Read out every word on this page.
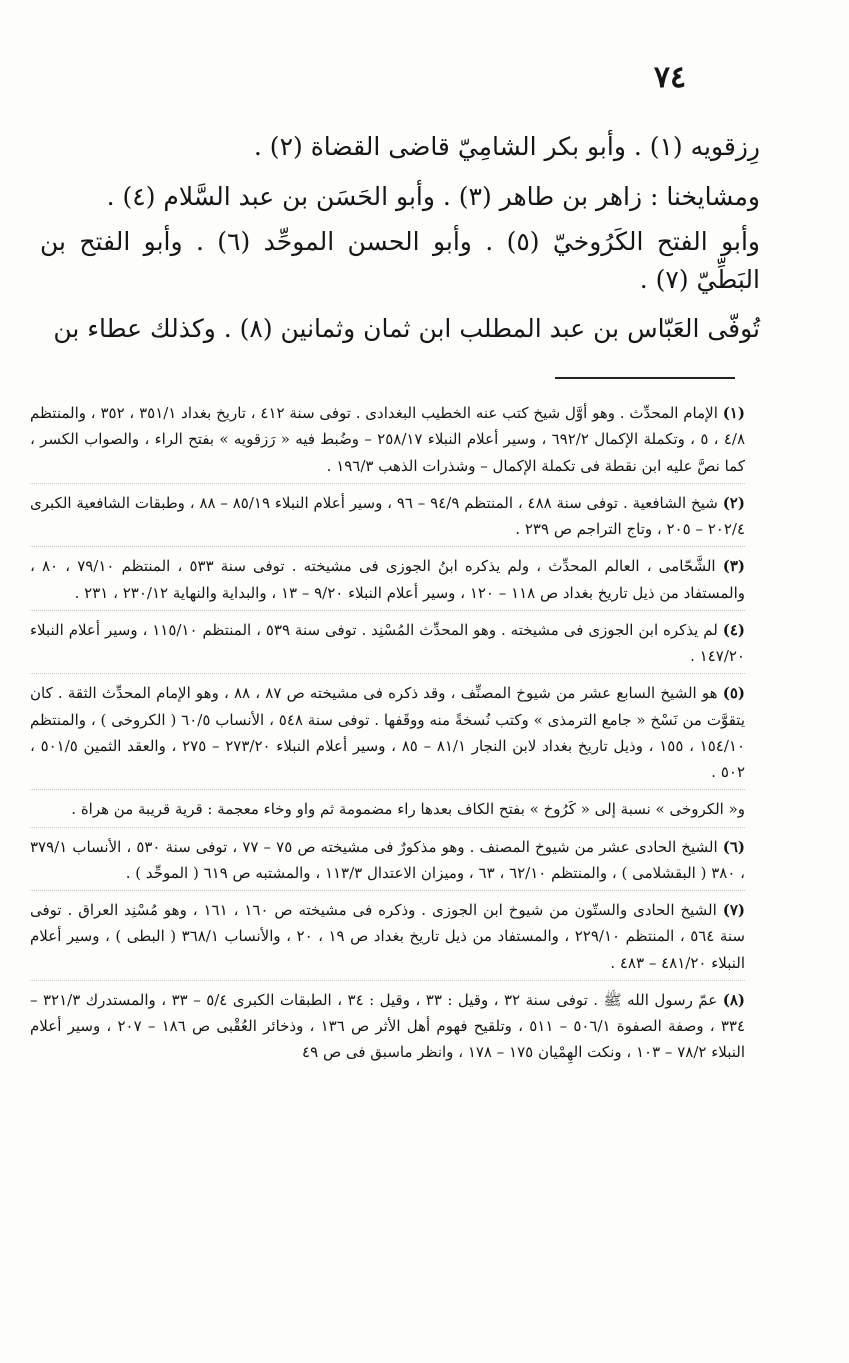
٧٤

رِزقويه (١) . وأبو بكر الشامِيّ قاضى القضاة (٢) .

ومشايخنا : زاهر بن طاهر (٣) . وأبو الحَسَن بن عبد السَّلام (٤) .

وأبو الفتح الكَرُوخيّ (٥) . وأبو الحسن الموحِّد (٦) . وأبو الفتح بن البَطِّيّ (٧) .

تُوفّى العَبّاس بن عبد المطلب ابن ثمان وثمانين (٨) . وكذلك عطاء بن

(١) الإمام المحدِّث . وهو أوَّل شيخ كتب عنه الخطيب البغدادى . توفى سنة ٤١٢ ، تاريخ بغداد ٣٥١/١ ، ٣٥٢ ، والمنتظم ٤/٨ ، ٥ ، وتكملة الإكمال ٦٩٢/٢ ، وسير أعلام النبلاء ٢٥٨/١٧ – وضُبط فيه « رَزقويه » بفتح الراء ، والصواب الكسر ، كما نصَّ عليه ابن نقطة فى تكملة الإكمال – وشذرات الذهب ١٩٦/٣ .

(٢) شيخ الشافعية . توفى سنة ٤٨٨ ، المنتظم ٩٤/٩ – ٩٦ ، وسير أعلام النبلاء ٨٥/١٩ – ٨٨ ، وطبقات الشافعية الكبرى ٢٠٢/٤ – ٢٠٥ ، وتاج التراجم ص ٢٣٩ .

(٣) الشَّحّامى ، العالم المحدِّث ، ولم يذكره ابنُ الجوزى فى مشيخته . توفى سنة ٥٣٣ ، المنتظم ٧٩/١٠ ، ٨٠ ، والمستفاد من ذيل تاريخ بغداد ص ١١٨ – ١٢٠ ، وسير أعلام النبلاء ٩/٢٠ – ١٣ ، والبداية والنهاية ٢٣٠/١٢ ، ٢٣١ .

(٤) لم يذكره ابن الجوزى فى مشيخته . وهو المحدِّث المُسْنِد . توفى سنة ٥٣٩ ، المنتظم ١١٥/١٠ ، وسير أعلام النبلاء ١٤٧/٢٠ .

(٥) هو الشيخ السابع عشر من شيوخ المصنِّف ، وقد ذكره فى مشيخته ص ٨٧ ، ٨٨ ، وهو الإمام المحدِّث الثقة . كان يتقوَّت من نَسْخ « جامع الترمذى » وكتب نُسخةً منه ووقَفها . توفى سنة ٥٤٨ ، الأنساب ٦٠/٥ ( الكروخى ) ، والمنتظم ١٥٤/١٠ ، ١٥٥ ، وذيل تاريخ بغداد لابن النجار ٨١/١ – ٨٥ ، وسير أعلام النبلاء ٢٧٣/٢٠ – ٢٧٥ ، والعقد الثمين ٥٠١/٥ ، ٥٠٢ .

و« الكروخى » نسبة إلى « كَرُوخ » بفتح الكاف بعدها راء مضمومة ثم واو وخاء معجمة : قرية قريبة من هراة .

(٦) الشيخ الحادى عشر من شيوخ المصنف . وهو مذكورٌ فى مشيخته ص ٧٥ – ٧٧ ، توفى سنة ٥٣٠ ، الأنساب ٣٧٩/١ ، ٣٨٠ ( البقشلامى ) ، والمنتظم ٦٢/١٠ ، ٦٣ ، وميزان الاعتدال ١١٣/٣ ، والمشتبه ص ٦١٩ ( الموحِّد ) .

(٧) الشيخ الحادى والستّون من شيوخ ابن الجوزى . وذكره فى مشيخته ص ١٦٠ ، ١٦١ ، وهو مُسْنِد العراق . توفى سنة ٥٦٤ ، المنتظم ٢٢٩/١٠ ، والمستفاد من ذيل تاريخ بغداد ص ١٩ ، ٢٠ ، والأنساب ٣٦٨/١ ( البطى ) ، وسير أعلام النبلاء ٤٨١/٢٠ – ٤٨٣ .

(٨) عمّ رسول الله ﷺ . توفى سنة ٣٢ ، وقيل : ٣٣ ، وقيل : ٣٤ ، الطبقات الكبرى ٥/٤ – ٣٣ ، والمستدرك ٣٢١/٣ – ٣٣٤ ، وصفة الصفوة ٥٠٦/١ – ٥١١ ، وتلقيح فهوم أهل الأثر ص ١٣٦ ، وذخائر العُقْبى ص ١٨٦ – ٢٠٧ ، وسير أعلام النبلاء ٧٨/٢ – ١٠٣ ، ونكت الهِمْيان ١٧٥ – ١٧٨ ، وانظر ماسبق فى ص ٤٩
